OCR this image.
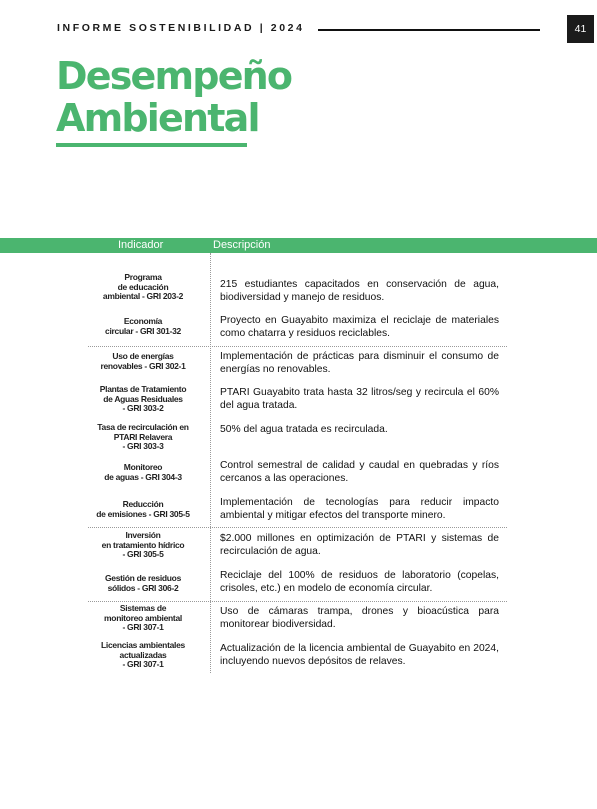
INFORME SOSTENIBILIDAD | 2024	41
Desempeño
Ambiental
Indicador	Descripción
Programa
de educación
ambiental - GRI 203-2
215 estudiantes capacitados en conservación de agua, biodiversidad y manejo de residuos.
Economía
circular - GRI 301-32
Proyecto en Guayabito maximiza el reciclaje de materiales como chatarra y residuos reciclables.
Uso de energías
renovables - GRI 302-1
Implementación de prácticas para disminuir el consumo de energías no renovables.
Plantas de Tratamiento
de Aguas Residuales
- GRI 303-2
PTARI Guayabito trata hasta 32 litros/seg y recircula el 60% del agua tratada.
Tasa de recirculación en
PTARI Relavera
- GRI 303-3
50% del agua tratada es recirculada.
Monitoreo
de aguas - GRI 304-3
Control semestral de calidad y caudal en quebradas y ríos cercanos a las operaciones.
Reducción
de emisiones - GRI 305-5
Implementación de tecnologías para reducir impacto ambiental y mitigar efectos del transporte minero.
Inversión
en tratamiento hídrico
- GRI 305-5
$2.000 millones en optimización de PTARI y sistemas de recirculación de agua.
Gestión de residuos
sólidos - GRI 306-2
Reciclaje del 100% de residuos de laboratorio (copelas, crisoles, etc.) en modelo de economía circular.
Sistemas de
monitoreo ambiental
- GRI 307-1
Uso de cámaras trampa, drones y bioacústica para monitorear biodiversidad.
Licencias ambientales
actualizadas
- GRI 307-1
Actualización de la licencia ambiental de Guayabito en 2024, incluyendo nuevos depósitos de relaves.
